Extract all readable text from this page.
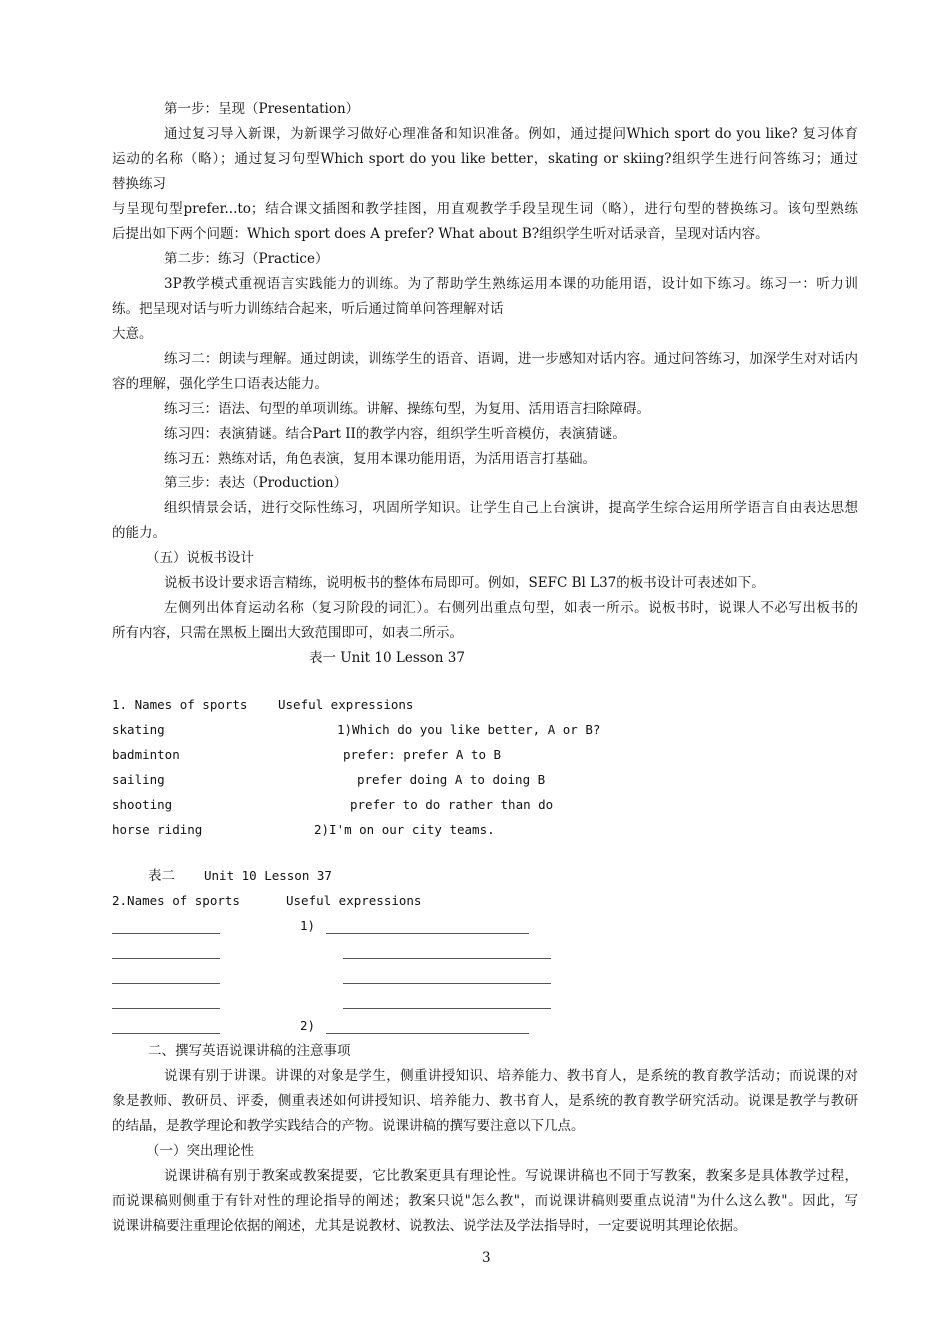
第一步：呈现（Presentation）
通过复习导入新课，为新课学习做好心理准备和知识准备。例如，通过提问Which sport do you like? 复习体育
运动的名称（略）；通过复习句型Which sport do you like better，skating or skiing?组织学生进行问答练习；通过
替换练习
与呈现句型prefer...to；结合课文插图和教学挂图，用直观教学手段呈现生词（略），进行句型的替换练习。该句型熟练
后提出如下两个问题：Which sport does A prefer? What about B?组织学生听对话录音，呈现对话内容。
第二步：练习（Practice）
3P教学模式重视语言实践能力的训练。为了帮助学生熟练运用本课的功能用语，设计如下练习。练习一：听力训
练。把呈现对话与听力训练结合起来，听后通过简单问答理解对话
大意。
练习二：朗读与理解。通过朗读，训练学生的语音、语调，进一步感知对话内容。通过问答练习，加深学生对对话内
容的理解，强化学生口语表达能力。
练习三：语法、句型的单项训练。讲解、操练句型，为复用、活用语言扫除障碍。
练习四：表演猜谜。结合Part II的教学内容，组织学生听音模仿，表演猜谜。
练习五：熟练对话，角色表演，复用本课功能用语，为活用语言打基础。
第三步：表达（Production）
组织情景会话，进行交际性练习，巩固所学知识。让学生自己上台演讲，提高学生综合运用所学语言自由表达思想
的能力。
（五）说板书设计
说板书设计要求语言精练，说明板书的整体布局即可。例如，SEFC Bl L37的板书设计可表述如下。
左侧列出体育运动名称（复习阶段的词汇）。右侧列出重点句型，如表一所示。说板书时，说课人不必写出板书的
所有内容，只需在黑板上圈出大致范围即可，如表二所示。
表一 Unit 10 Lesson 37
1. Names of sports Useful expressions
skating	1)Which do you like better, A or B?
badminton	prefer: prefer A to B
sailing	prefer doing A to doing B
shooting	prefer to do rather than do
horse riding	2)I'm on our city teams.
表二 Unit 10 Lesson 37
2.Names of sports	Useful expressions
1)
2)
二、撰写英语说课讲稿的注意事项
说课有别于讲课。讲课的对象是学生，侧重讲授知识、培养能力、教书育人，是系统的教育教学活动；而说课的对
象是教师、教研员、评委，侧重表述如何讲授知识、培养能力、教书育人，是系统的教育教学研究活动。说课是教学与教研
的结晶，是教学理论和教学实践结合的产物。说课讲稿的撰写要注意以下几点。
（一）突出理论性
说课讲稿有别于教案或教案提要，它比教案更具有理论性。写说课讲稿也不同于写教案，教案多是具体教学过程，
而说课稿则侧重于有针对性的理论指导的阐述；教案只说"怎么教"，而说课讲稿则要重点说清"为什么这么教"。因此，写
说课讲稿要注重理论依据的阐述，尤其是说教材、说教法、说学法及学法指导时，一定要说明其理论依据。
3
